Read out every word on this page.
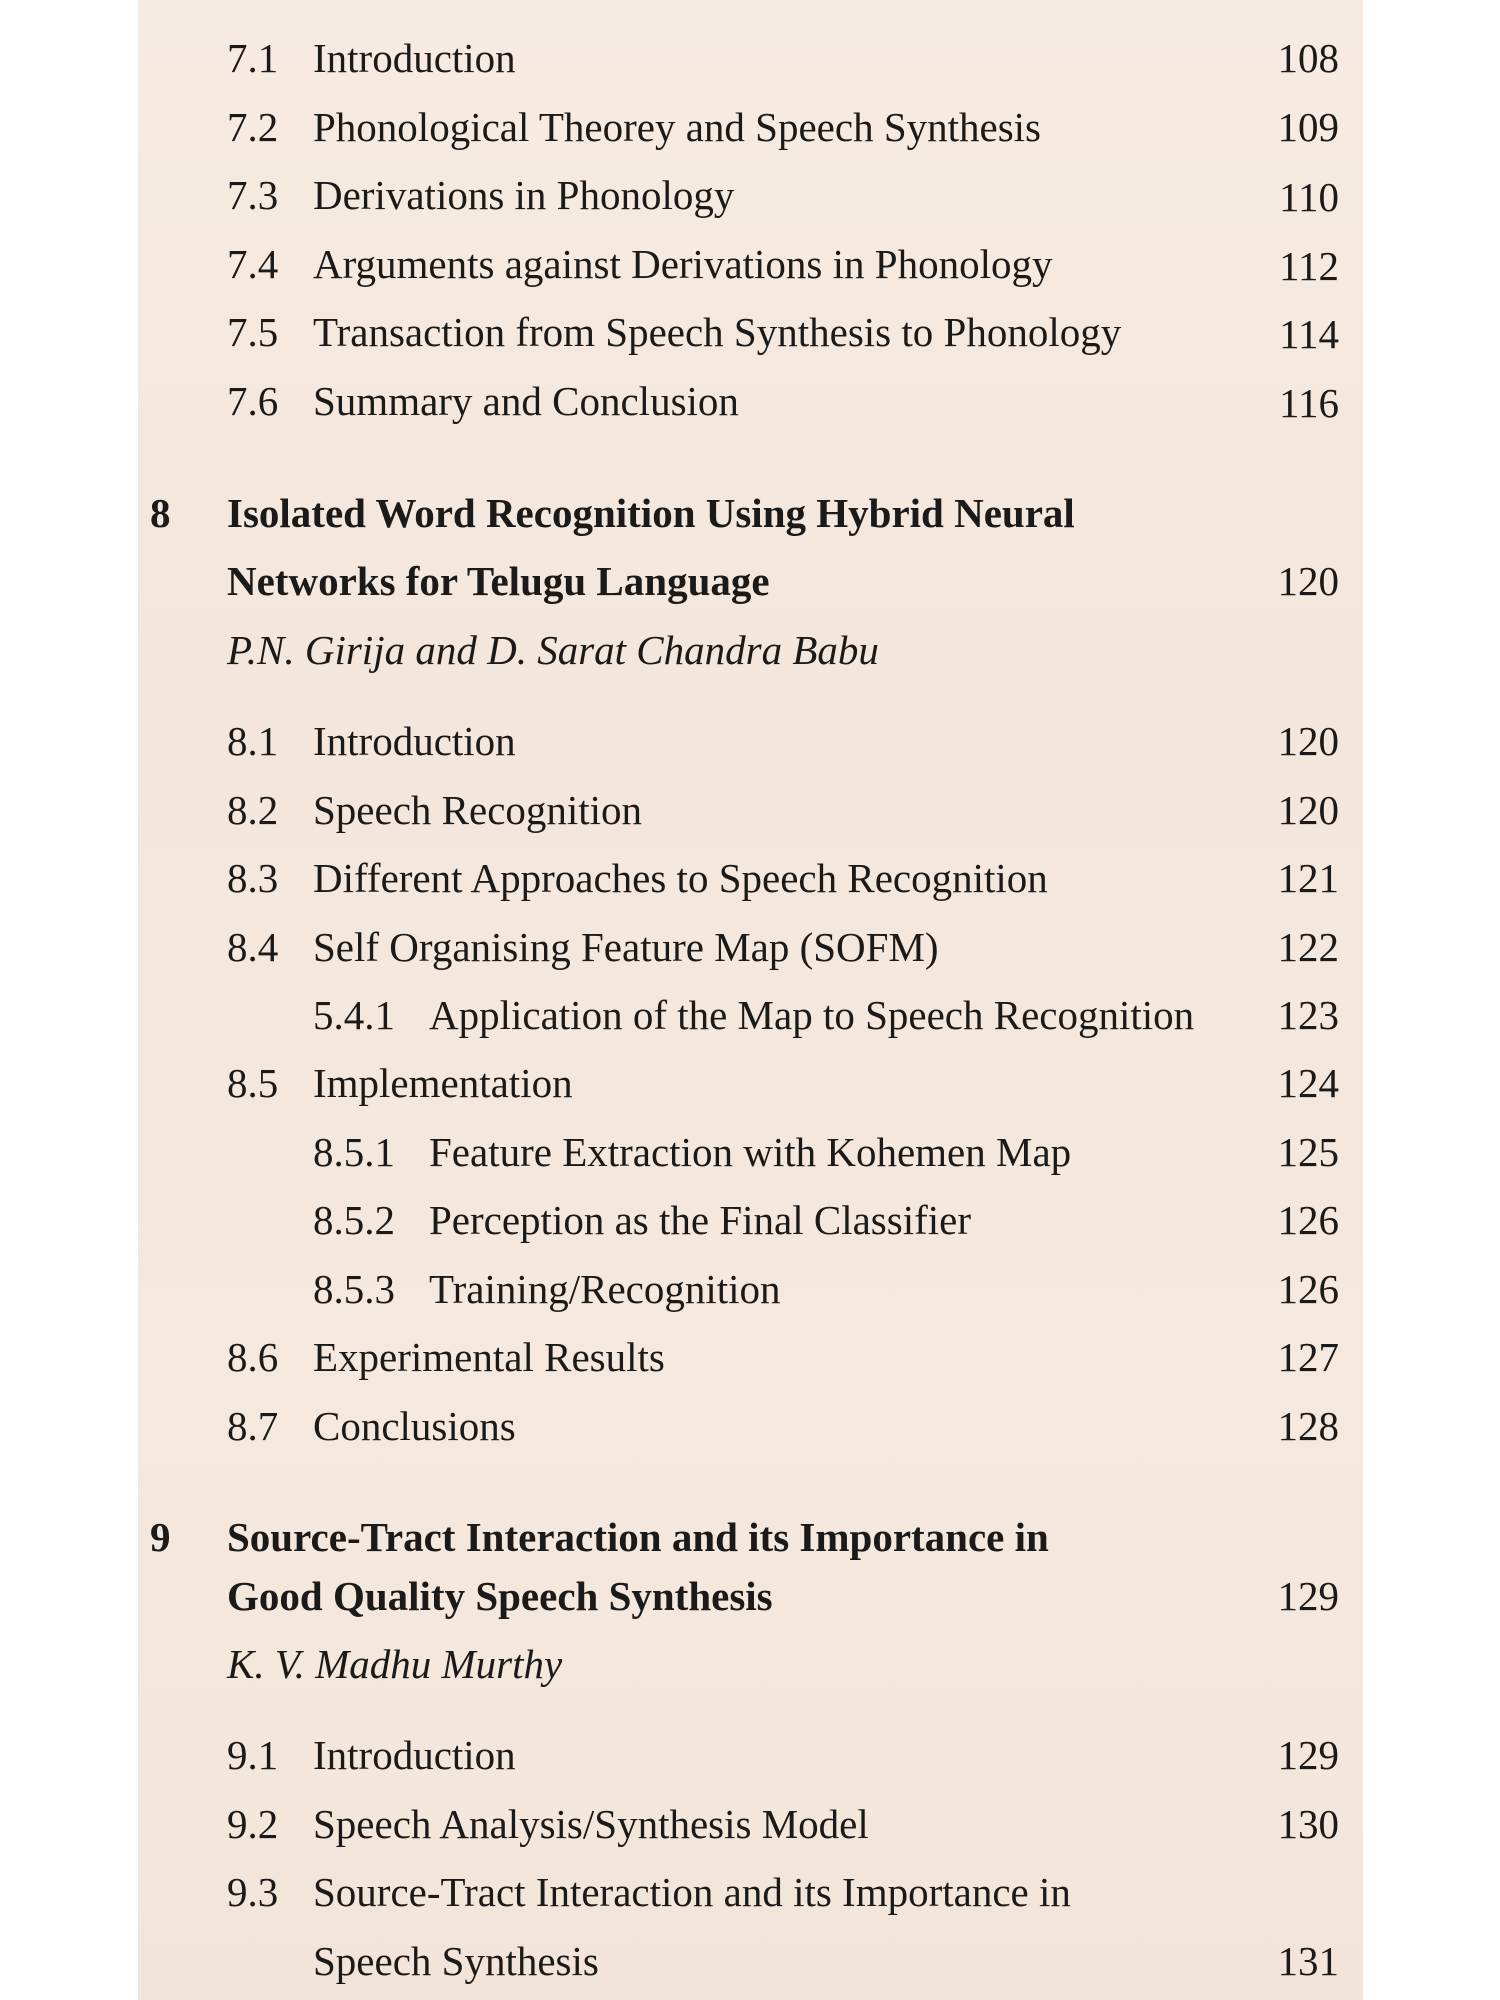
7.1 Introduction	108
7.2 Phonological Theorey and Speech Synthesis	109
7.3 Derivations in Phonology	110
7.4 Arguments against Derivations in Phonology	112
7.5 Transaction from Speech Synthesis to Phonology	114
7.6 Summary and Conclusion	116
8 Isolated Word Recognition Using Hybrid Neural
Networks for Telugu Language	120
P.N. Girija and D. Sarat Chandra Babu
8.1 Introduction	120
8.2 Speech Recognition	120
8.3 Different Approaches to Speech Recognition	121
8.4 Self Organising Feature Map (SOFM)	122
5.4.1 Application of the Map to Speech Recognition	123
8.5 Implementation	124
8.5.1 Feature Extraction with Kohemen Map	125
8.5.2 Perception as the Final Classifier	126
8.5.3 Training/Recognition	126
8.6 Experimental Results	127
8.7 Conclusions	128
9 Source-Tract Interaction and its Importance in
Good Quality Speech Synthesis	129
K. V. Madhu Murthy
9.1 Introduction	129
9.2 Speech Analysis/Synthesis Model	130
9.3 Source-Tract Interaction and its Importance in
Speech Synthesis	131
